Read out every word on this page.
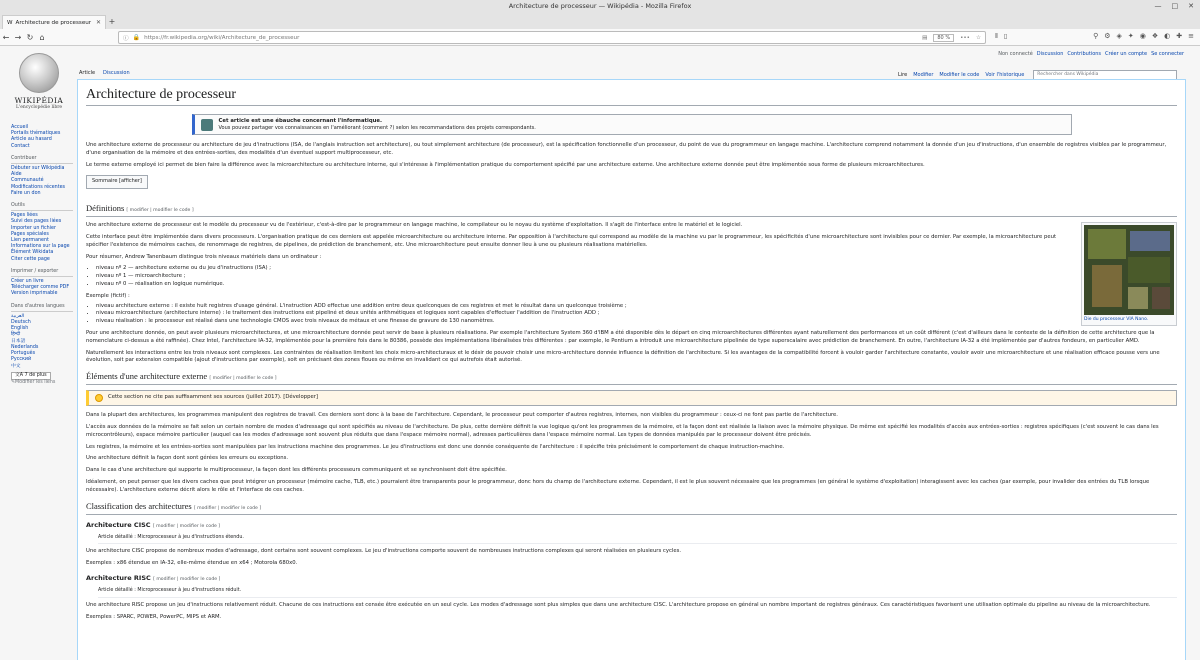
Architecture de processeur — Wikipédia - Mozilla Firefox	— □ ✕
W Architecture de processeur ✕ +
← → ↻ ⌂	ⓘ 🔒 https://fr.wikipedia.org/wiki/Architecture_de_processeur	▤	80 %	••• ☆ ⫴ ▯	⚲ ⚙ ◈ ✦ ◉ ❖ ◐ ✚ ≡
WIKIPÉDIA
L'encyclopédie libre
Accueil
Portails thématiques
Article au hasard
Contact
Contribuer
Débuter sur Wikipédia
Aide
Communauté
Modifications récentes
Faire un don
Outils
Pages liées
Suivi des pages liées
Importer un fichier
Pages spéciales
Lien permanent
Informations sur la page
Élément Wikidata
Citer cette page
Imprimer / exporter
Créer un livre
Télécharger comme PDF
Version imprimable
Dans d'autres langues
العربية
Deutsch
English
हिन्दी
日本語
Nederlands
Português
Русский
中文
文A 7 de plus
✎Modifier les liens
Non connecté Discussion Contributions Créer un compte Se connecter
Article Discussion	Lire Modifier Modifier le code Voir l'historique	Rechercher dans Wikipédia
Architecture de processeur
Cet article est une ébauche concernant l'informatique.
Vous pouvez partager vos connaissances en l'améliorant (comment ?) selon les recommandations des projets correspondants.

Une architecture externe de processeur ou architecture de jeu d'instructions (ISA, de l'anglais instruction set architecture), ou tout simplement architecture (de processeur), est la spécification fonctionnelle d'un processeur, du point de vue du programmeur en langage machine. L'architecture comprend notamment la donnée d'un jeu d'instructions, d'un ensemble de registres visibles par le programmeur, d'une organisation de la mémoire et des entrées-sorties, des modalités d'un éventuel support multiprocesseur, etc.

Le terme externe employé ici permet de bien faire la différence avec la microarchitecture ou architecture interne, qui s'intéresse à l'implémentation pratique du comportement spécifié par une architecture externe. Une architecture externe donnée peut être implémentée sous forme de plusieurs microarchitectures.

Sommaire [afficher]
Définitions [ modifier | modifier le code ]
Die du processeur VIA Nano.

Une architecture externe de processeur est le modèle du processeur vu de l'extérieur, c'est-à-dire par le programmeur en langage machine, le compilateur ou le noyau du système d'exploitation. Il s'agit de l'interface entre le matériel et le logiciel.

Cette interface peut être implémentée dans divers processeurs. L'organisation pratique de ces derniers est appelée microarchitecture ou architecture interne. Par opposition à l'architecture qui correspond au modèle de la machine vu par le programmeur, les spécificités d'une microarchitecture sont invisibles pour ce dernier. Par exemple, la microarchitecture peut spécifier l'existence de mémoires caches, de renommage de registres, de pipelines, de prédiction de branchement, etc. Une microarchitecture peut ensuite donner lieu à une ou plusieurs réalisations matérielles.

Pour résumer, Andrew Tanenbaum distingue trois niveaux matériels dans un ordinateur :

• niveau nº 2 — architecture externe ou du jeu d'instructions (ISA) ;
• niveau nº 1 — microarchitecture ;
• niveau nº 0 — réalisation en logique numérique.

Exemple (fictif) :

• niveau architecture externe : il existe huit registres d'usage général. L'instruction ADD effectue une addition entre deux quelconques de ces registres et met le résultat dans un quelconque troisième ;
• niveau microarchitecture (architecture interne) : le traitement des instructions est pipeliné et deux unités arithmétiques et logiques sont capables d'effectuer l'addition de l'instruction ADD ;
• niveau réalisation : le processeur est réalisé dans une technologie CMOS avec trois niveaux de métaux et une finesse de gravure de 130 nanomètres.

Pour une architecture donnée, on peut avoir plusieurs microarchitectures, et une microarchitecture donnée peut servir de base à plusieurs réalisations. Par exemple l'architecture System 360 d'IBM a été disponible dès le départ en cinq microarchitectures différentes ayant naturellement des performances et un coût différent (c'est d'ailleurs dans le contexte de la définition de cette architecture que la nomenclature ci-dessus a été raffinée). Chez Intel, l'architecture IA-32, implémentée pour la première fois dans le 80386, possède des implémentations libéralisées très différentes : par exemple, le Pentium a introduit une microarchitecture pipelinée de type superscalaire avec prédiction de branchement. En outre, l'architecture IA-32 a été implémentée par d'autres fondeurs, en particulier AMD.

Naturellement les interactions entre les trois niveaux sont complexes. Les contraintes de réalisation limitent les choix micro-architecturaux et le désir de pouvoir choisir une micro-architecture donnée influence la définition de l'architecture. Si les avantages de la compatibilité forcent à vouloir garder l'architecture constante, vouloir avoir une microarchitecture et une réalisation efficace pousse vers une évolution, soit par extension compatible (ajout d'instructions par exemple), soit en précisant des zones floues ou même en invalidant ce qui autrefois était autorisé.

Éléments d'une architecture externe [ modifier | modifier le code ]
Cette section ne cite pas suffisamment ses sources (juillet 2017). [Développer]

Dans la plupart des architectures, les programmes manipulent des registres de travail. Ces derniers sont donc à la base de l'architecture. Cependant, le processeur peut comporter d'autres registres, internes, non visibles du programmeur : ceux-ci ne font pas partie de l'architecture.

L'accès aux données de la mémoire se fait selon un certain nombre de modes d'adressage qui sont spécifiés au niveau de l'architecture. De plus, cette dernière définit la vue logique qu'ont les programmes de la mémoire, et la façon dont est réalisée la liaison avec la mémoire physique. De même est spécifié les modalités d'accès aux entrées-sorties : registres spécifiques (c'est souvent le cas dans les microcontrôleurs), espace mémoire particulier (auquel cas les modes d'adressage sont souvent plus réduits que dans l'espace mémoire normal), adresses particulières dans l'espace mémoire normal. Les types de données manipulés par le processeur doivent être précisés.

Les registres, la mémoire et les entrées-sorties sont manipulées par les instructions machine des programmes. Le jeu d'instructions est donc une donnée conséquente de l'architecture : il spécifie très précisément le comportement de chaque instruction-machine.

Une architecture définit la façon dont sont gérées les erreurs ou exceptions.

Dans le cas d'une architecture qui supporte le multiprocesseur, la façon dont les différents processeurs communiquent et se synchronisent doit être spécifiée.

Idéalement, on peut penser que les divers caches que peut intégrer un processeur (mémoire cache, TLB, etc.) pourraient être transparents pour le programmeur, donc hors du champ de l'architecture externe. Cependant, il est le plus souvent nécessaire que les programmes (en général le système d'exploitation) interagissent avec les caches (par exemple, pour invalider des entrées du TLB lorsque nécessaire). L'architecture externe décrit alors le rôle et l'interface de ces caches.

Classification des architectures [ modifier | modifier le code ]
Architecture CISC [ modifier | modifier le code ]
Article détaillé : Microprocesseur à jeu d'instructions étendu.

Une architecture CISC propose de nombreux modes d'adressage, dont certains sont souvent complexes. Le jeu d'instructions comporte souvent de nombreuses instructions complexes qui seront réalisées en plusieurs cycles.

Exemples : x86 étendue en IA-32, elle-même étendue en x64 ; Motorola 680x0.

Architecture RISC [ modifier | modifier le code ]
Article détaillé : Microprocesseur à jeu d'instructions réduit.

Une architecture RISC propose un jeu d'instructions relativement réduit. Chacune de ces instructions est censée être exécutée en un seul cycle. Les modes d'adressage sont plus simples que dans une architecture CISC. L'architecture propose en général un nombre important de registres généraux. Ces caractéristiques favorisent une utilisation optimale du pipeline au niveau de la microarchitecture.

Exemples : SPARC, POWER, PowerPC, MIPS et ARM.
